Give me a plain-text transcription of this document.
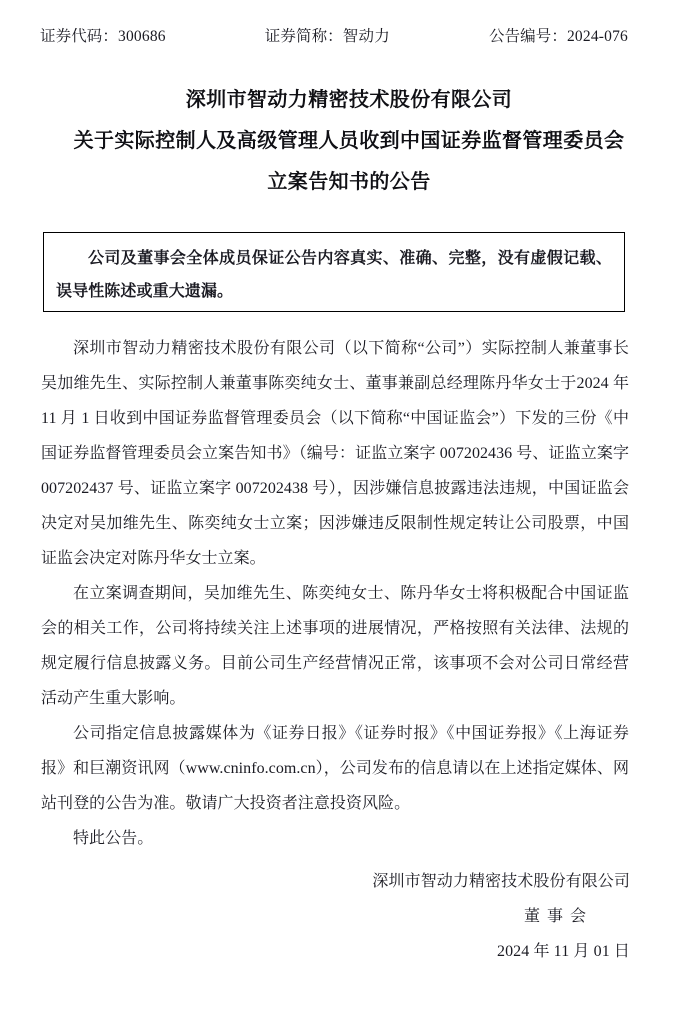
证券代码：300686	证券简称：智动力	公告编号：2024-076
深圳市智动力精密技术股份有限公司
关于实际控制人及高级管理人员收到中国证券监督管理委员会
立案告知书的公告

公司及董事会全体成员保证公告内容真实、准确、完整，没有虚假记载、误导性陈述或重大遗漏。

深圳市智动力精密技术股份有限公司（以下简称“公司”）实际控制人兼董事长吴加维先生、实际控制人兼董事陈奕纯女士、董事兼副总经理陈丹华女士于2024 年 11 月 1 日收到中国证券监督管理委员会（以下简称“中国证监会”）下发的三份《中国证券监督管理委员会立案告知书》（编号：证监立案字 007202436 号、证监立案字 007202437 号、证监立案字 007202438 号），因涉嫌信息披露违法违规，中国证监会决定对吴加维先生、陈奕纯女士立案；因涉嫌违反限制性规定转让公司股票，中国证监会决定对陈丹华女士立案。

在立案调查期间，吴加维先生、陈奕纯女士、陈丹华女士将积极配合中国证监会的相关工作，公司将持续关注上述事项的进展情况，严格按照有关法律、法规的规定履行信息披露义务。目前公司生产经营情况正常，该事项不会对公司日常经营活动产生重大影响。

公司指定信息披露媒体为《证券日报》《证券时报》《中国证券报》《上海证券报》和巨潮资讯网（www.cninfo.com.cn），公司发布的信息请以在上述指定媒体、网站刊登的公告为准。敬请广大投资者注意投资风险。

特此公告。

深圳市智动力精密技术股份有限公司
董事会
2024 年 11 月 01 日
